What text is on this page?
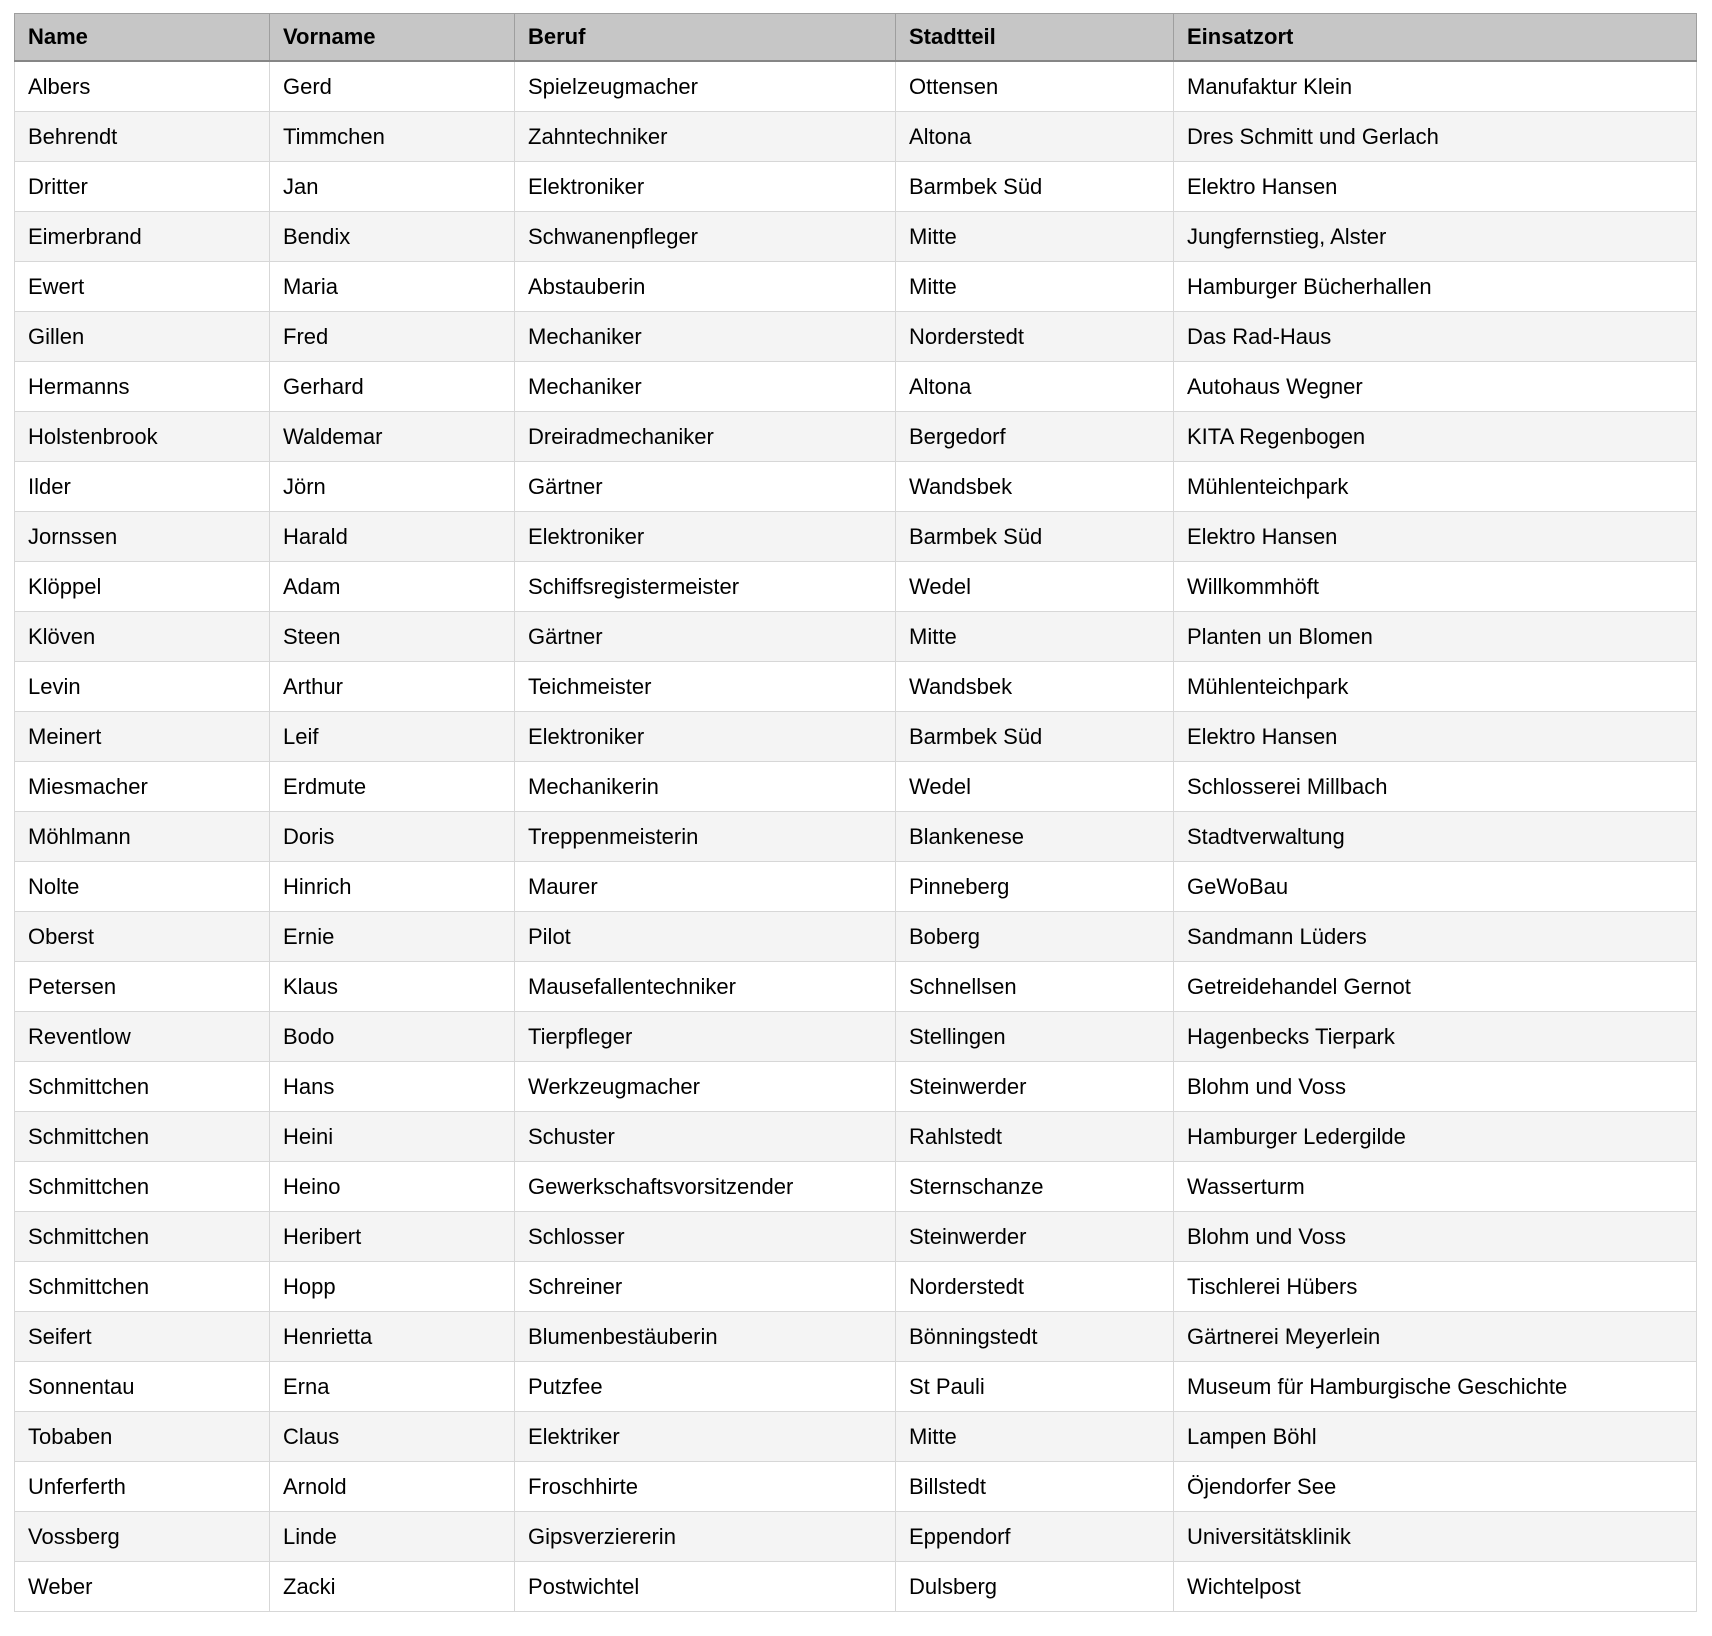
Name	Vorname	Beruf	Stadtteil	Einsatzort
Albers	Gerd	Spielzeugmacher	Ottensen	Manufaktur Klein
Behrendt	Timmchen	Zahntechniker	Altona	Dres Schmitt und Gerlach
Dritter	Jan	Elektroniker	Barmbek Süd	Elektro Hansen
Eimerbrand	Bendix	Schwanenpfleger	Mitte	Jungfernstieg, Alster
Ewert	Maria	Abstauberin	Mitte	Hamburger Bücherhallen
Gillen	Fred	Mechaniker	Norderstedt	Das Rad-Haus
Hermanns	Gerhard	Mechaniker	Altona	Autohaus Wegner
Holstenbrook	Waldemar	Dreiradmechaniker	Bergedorf	KITA Regenbogen
Ilder	Jörn	Gärtner	Wandsbek	Mühlenteichpark
Jornssen	Harald	Elektroniker	Barmbek Süd	Elektro Hansen
Klöppel	Adam	Schiffsregistermeister	Wedel	Willkommhöft
Klöven	Steen	Gärtner	Mitte	Planten un Blomen
Levin	Arthur	Teichmeister	Wandsbek	Mühlenteichpark
Meinert	Leif	Elektroniker	Barmbek Süd	Elektro Hansen
Miesmacher	Erdmute	Mechanikerin	Wedel	Schlosserei Millbach
Möhlmann	Doris	Treppenmeisterin	Blankenese	Stadtverwaltung
Nolte	Hinrich	Maurer	Pinneberg	GeWoBau
Oberst	Ernie	Pilot	Boberg	Sandmann Lüders
Petersen	Klaus	Mausefallentechniker	Schnellsen	Getreidehandel Gernot
Reventlow	Bodo	Tierpfleger	Stellingen	Hagenbecks Tierpark
Schmittchen	Hans	Werkzeugmacher	Steinwerder	Blohm und Voss
Schmittchen	Heini	Schuster	Rahlstedt	Hamburger Ledergilde
Schmittchen	Heino	Gewerkschaftsvorsitzender	Sternschanze	Wasserturm
Schmittchen	Heribert	Schlosser	Steinwerder	Blohm und Voss
Schmittchen	Hopp	Schreiner	Norderstedt	Tischlerei Hübers
Seifert	Henrietta	Blumenbestäuberin	Bönningstedt	Gärtnerei Meyerlein
Sonnentau	Erna	Putzfee	St Pauli	Museum für Hamburgische Geschichte
Tobaben	Claus	Elektriker	Mitte	Lampen Böhl
Unferferth	Arnold	Froschhirte	Billstedt	Öjendorfer See
Vossberg	Linde	Gipsverziererin	Eppendorf	Universitätsklinik
Weber	Zacki	Postwichtel	Dulsberg	Wichtelpost
